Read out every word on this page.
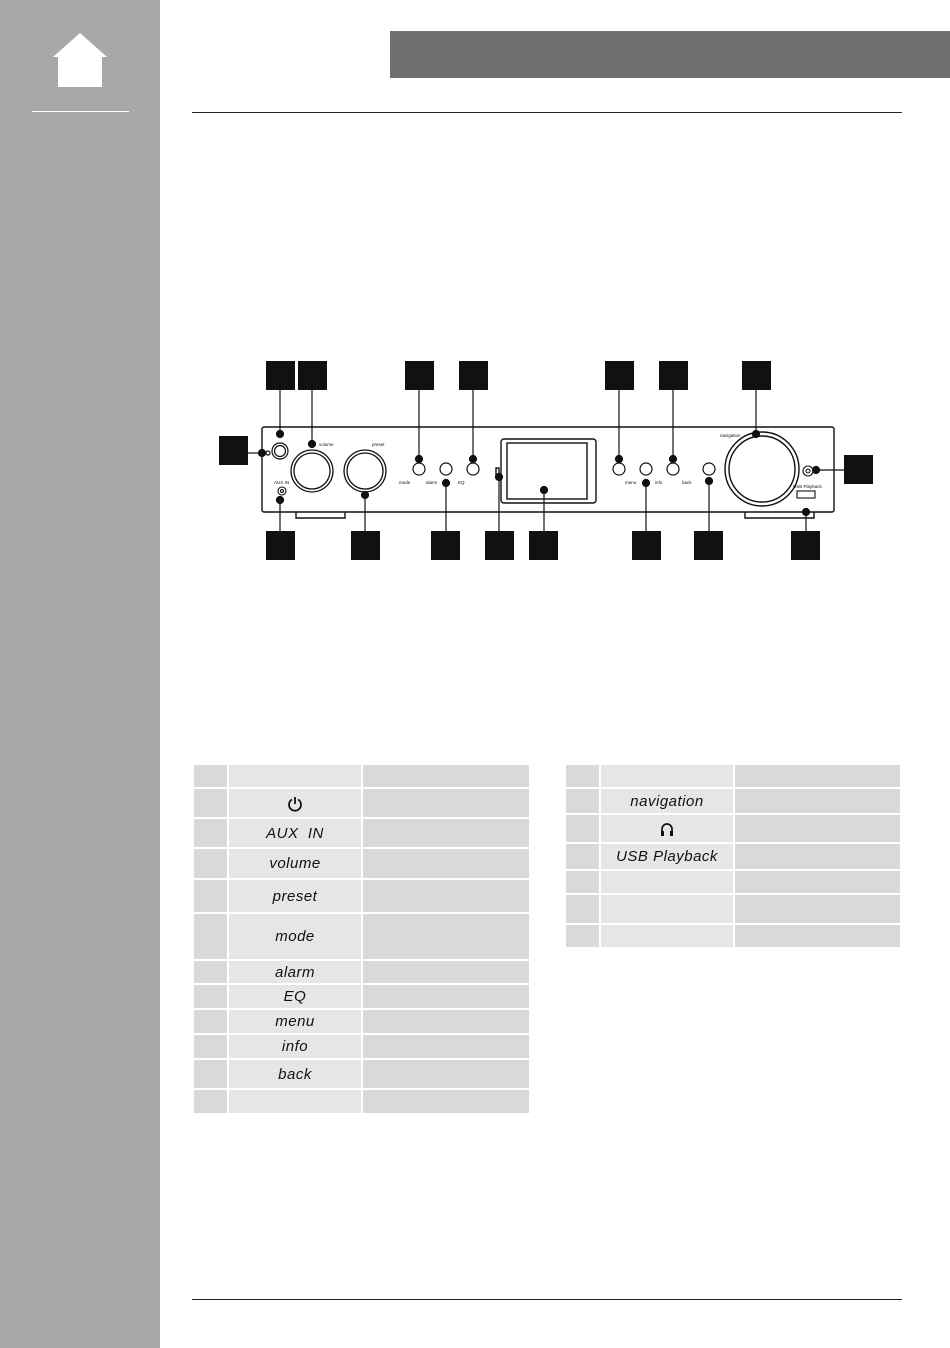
volume	preset
mode	alarm	EQ	menu	info	back
navigation
AUX IN
USB Playback

	AUX  IN	
	volume	
	preset	
	mode	
	alarm	
	EQ	
	menu	
	info	
	back	

	navigation	

	USB Playback	
